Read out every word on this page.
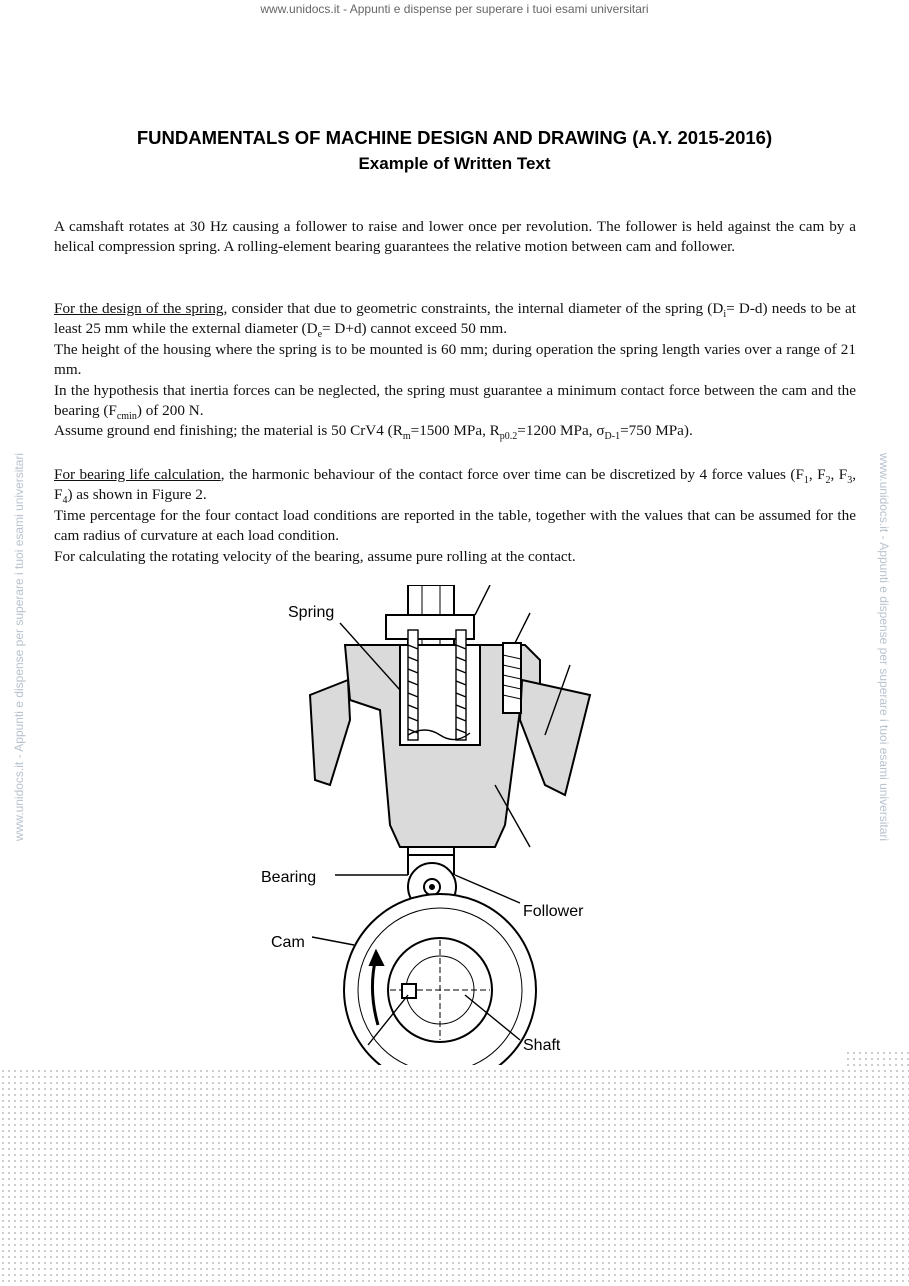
www.unidocs.it - Appunti e dispense per superare i tuoi esami universitari
www.unidocs.it - Appunti e dispense per superare i tuoi esami universitari	www.unidocs.it - Appunti e dispense per superare i tuoi esami universitari
FUNDAMENTALS OF MACHINE DESIGN AND DRAWING (A.Y. 2015-2016)
Example of Written Text

A camshaft rotates at 30 Hz causing a follower to raise and lower once per revolution. The follower is held against the cam by a helical compression spring. A rolling-element bearing guarantees the relative motion between cam and follower.

For the design of the spring, consider that due to geometric constraints, the internal diameter of the spring $(D_i= D-d)$ needs to be at least 25 mm while the external diameter $(D_e= D+d)$ cannot exceed 50 mm.

The height of the housing where the spring is to be mounted is 60 mm; during operation the spring length varies over a range of 21 mm.

In the hypothesis that inertia forces can be neglected, the spring must guarantee a minimum contact force between the cam and the bearing $(F_{cmin})$ of 200 N.

Assume ground end finishing; the material is 50 CrV4 ($R_m=1500$ MPa, $R_{p0.2}=1200$ MPa, $\sigma_{D-1}=750$ MPa).

For bearing life calculation, the harmonic behaviour of the contact force over time can be discretized by 4 force values ($F_1$, $F_2$, $F_3$, $F_4$) as shown in Figure 2.

Time percentage for the four contact load conditions are reported in the table, together with the values that can be assumed for the cam radius of curvature at each load condition.

For calculating the rotating velocity of the bearing, assume pure rolling at the contact.

Spring
Bearing
Follower
Cam
Shaft
